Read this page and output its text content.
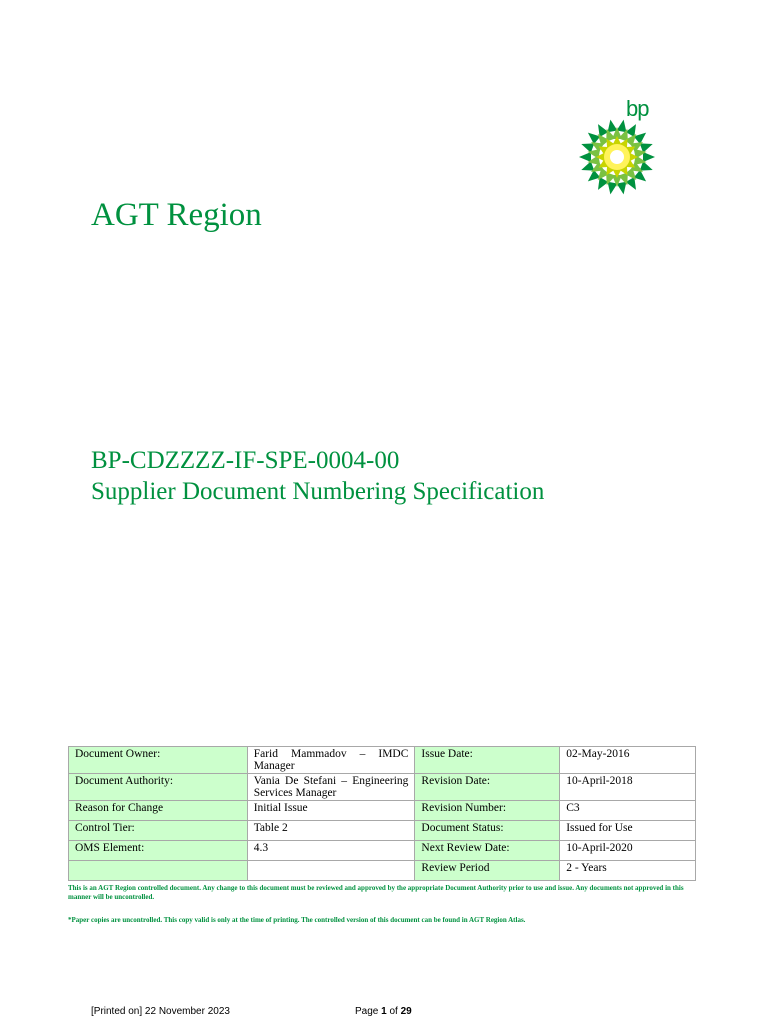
bp
AGT Region
BP-CDZZZZ-IF-SPE-0004-00
Supplier Document Numbering Specification
Document Owner:	Farid Mammadov – IMDC Manager	Issue Date:	02-May-2016
Document Authority:	Vania De Stefani – Engineering Services Manager	Revision Date:	10-April-2018
Reason for Change	Initial Issue	Revision Number:	C3
Control Tier:	Table 2	Document Status:	Issued for Use
OMS Element:	4.3	Next Review Date:	10-April-2020
		Review Period	2 - Years

This is an AGT Region controlled document. Any change to this document must be reviewed and approved by the appropriate Document Authority prior to use and issue. Any documents not approved in this manner will be uncontrolled.

*Paper copies are uncontrolled. This copy valid is only at the time of printing. The controlled version of this document can be found in AGT Region Atlas.

[Printed on] 22 November 2023	Page 1 of 29
